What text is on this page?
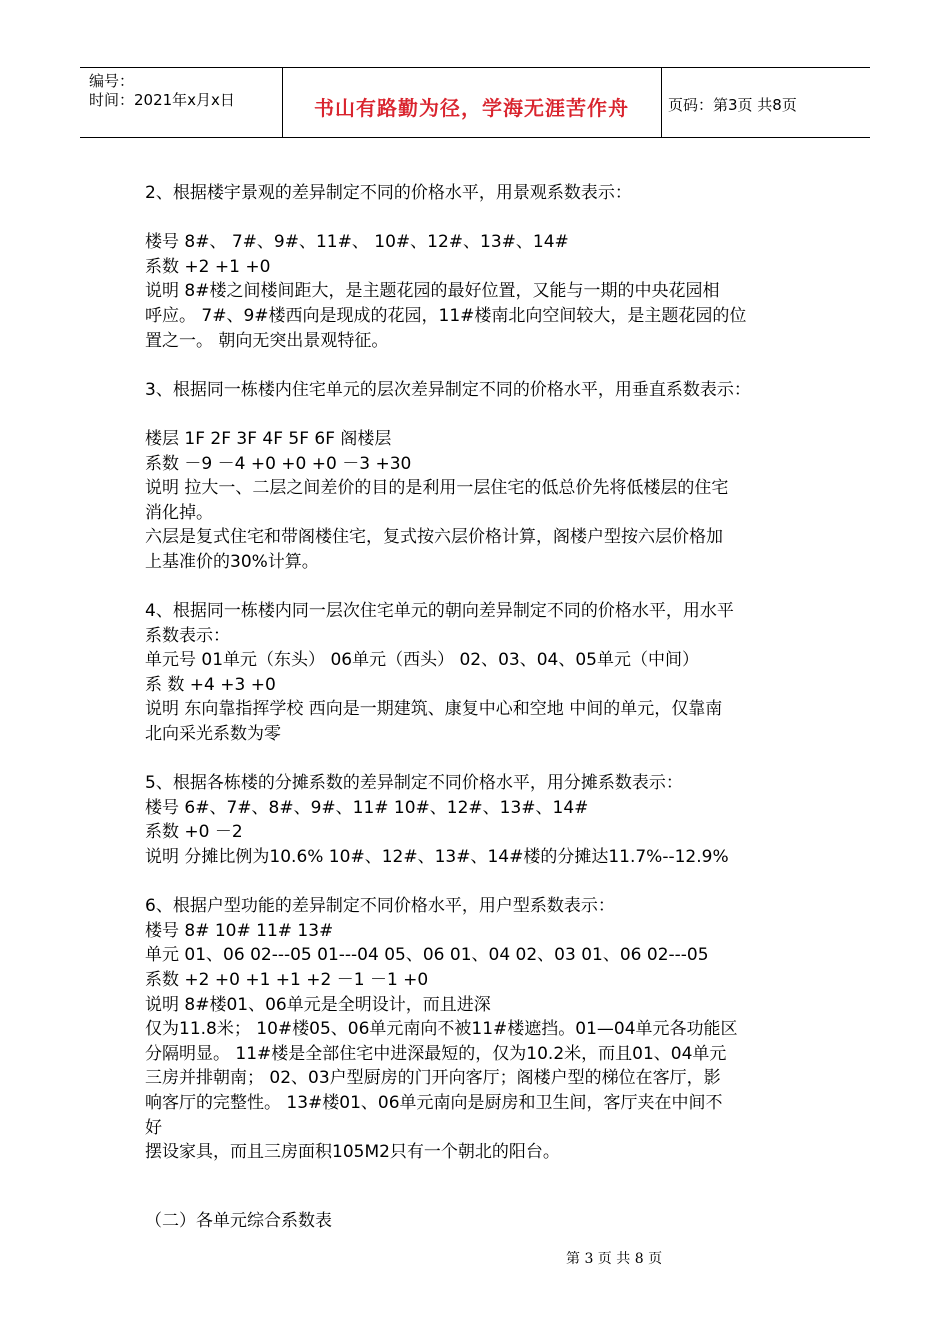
编号：
时间：2021年x月x日	书山有路勤为径，学海无涯苦作舟	页码：第3页 共8页
2、根据楼宇景观的差异制定不同的价格水平，用景观系数表示：
楼号 8#、 7#、9#、11#、 10#、12#、13#、14#
系数 +2 +1 +0
说明 8#楼之间楼间距大，是主题花园的最好位置，又能与一期的中央花园相
呼应。 7#、9#楼西向是现成的花园，11#楼南北向空间较大，是主题花园的位
置之一。 朝向无突出景观特征。
3、根据同一栋楼内住宅单元的层次差异制定不同的价格水平，用垂直系数表示：
楼层 1F 2F 3F 4F 5F 6F 阁楼层
系数 －9 －4 +0 +0 +0 －3 +30
说明 拉大一、二层之间差价的目的是利用一层住宅的低总价先将低楼层的住宅
消化掉。
六层是复式住宅和带阁楼住宅，复式按六层价格计算，阁楼户型按六层价格加
上基准价的30%计算。
4、根据同一栋楼内同一层次住宅单元的朝向差异制定不同的价格水平，用水平
系数表示：
单元号 01单元（东头） 06单元（西头） 02、03、04、05单元（中间）
系 数 +4 +3 +0
说明 东向靠指挥学校 西向是一期建筑、康复中心和空地 中间的单元，仅靠南
北向采光系数为零
5、根据各栋楼的分摊系数的差异制定不同价格水平，用分摊系数表示：
楼号 6#、7#、8#、9#、11# 10#、12#、13#、14#
系数 +0 －2
说明 分摊比例为10.6% 10#、12#、13#、14#楼的分摊达11.7%--12.9%
6、根据户型功能的差异制定不同价格水平，用户型系数表示：
楼号 8# 10# 11# 13#
单元 01、06 02---05 01---04 05、06 01、04 02、03 01、06 02---05
系数 +2 +0 +1 +1 +2 －1 －1 +0
说明 8#楼01、06单元是全明设计，而且进深
仅为11.8米； 10#楼05、06单元南向不被11#楼遮挡。01—04单元各功能区
分隔明显。 11#楼是全部住宅中进深最短的，仅为10.2米，而且01、04单元
三房并排朝南； 02、03户型厨房的门开向客厅；阁楼户型的梯位在客厅，影
响客厅的完整性。 13#楼01、06单元南向是厨房和卫生间，客厅夹在中间不
好
摆设家具，而且三房面积105M2只有一个朝北的阳台。
（二）各单元综合系数表
第 3 页 共 8 页
